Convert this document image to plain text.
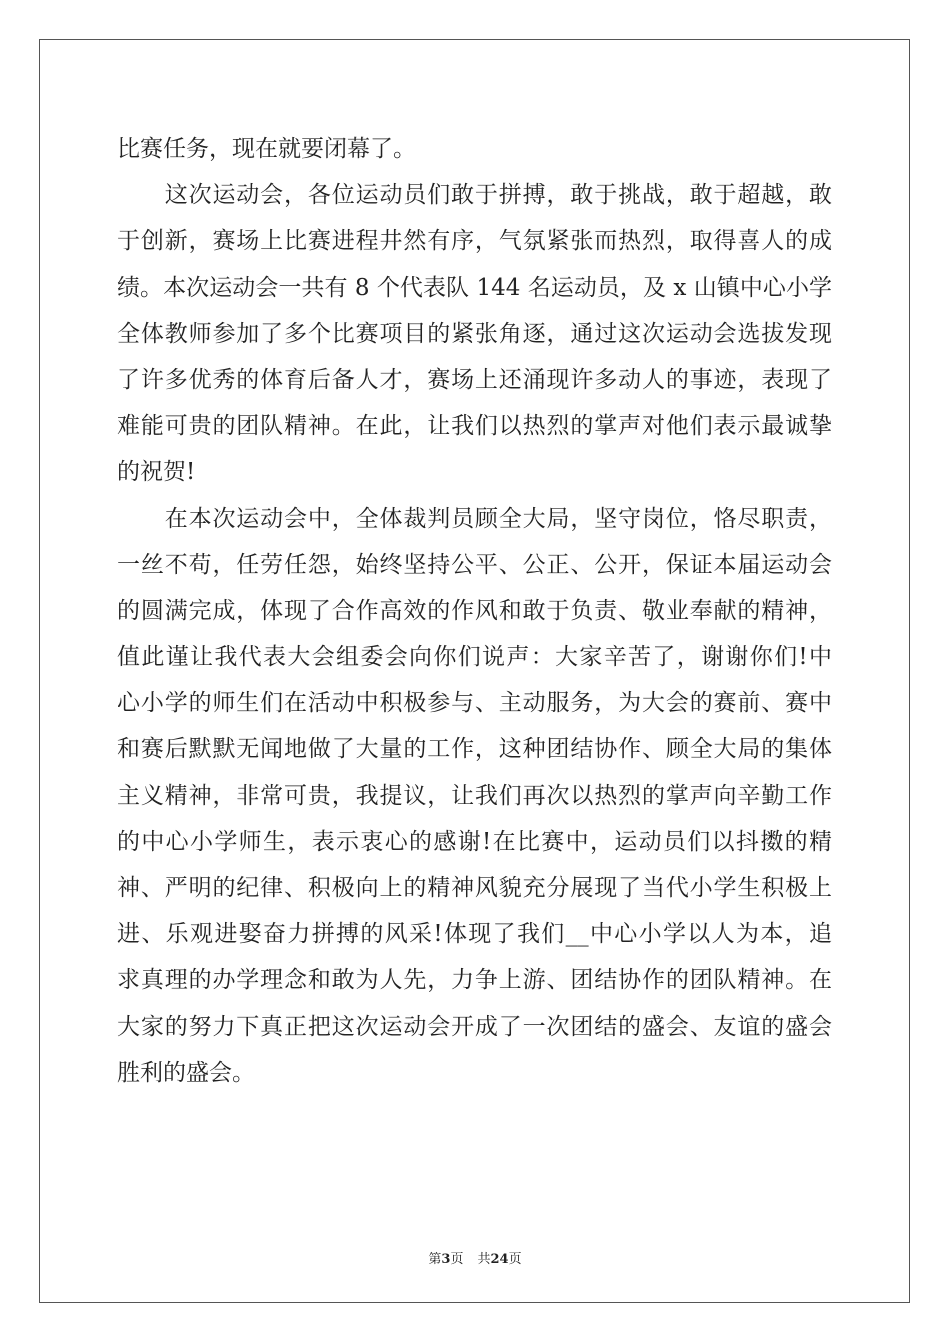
比赛任务，现在就要闭幕了。
　　这次运动会，各位运动员们敢于拼搏，敢于挑战，敢于超越，敢
于创新，赛场上比赛进程井然有序，气氛紧张而热烈，取得喜人的成
绩。本次运动会一共有 8 个代表队 144 名运动员，及 x 山镇中心小学
全体教师参加了多个比赛项目的紧张角逐，通过这次运动会选拔发现
了许多优秀的体育后备人才，赛场上还涌现许多动人的事迹，表现了
难能可贵的团队精神。在此，让我们以热烈的掌声对他们表示最诚挚
的祝贺!
　　在本次运动会中，全体裁判员顾全大局，坚守岗位，恪尽职责，
一丝不苟，任劳任怨，始终坚持公平、公正、公开，保证本届运动会
的圆满完成，体现了合作高效的作风和敢于负责、敬业奉献的精神，
值此谨让我代表大会组委会向你们说声：大家辛苦了，谢谢你们!中
心小学的师生们在活动中积极参与、主动服务，为大会的赛前、赛中
和赛后默默无闻地做了大量的工作，这种团结协作、顾全大局的集体
主义精神，非常可贵，我提议，让我们再次以热烈的掌声向辛勤工作
的中心小学师生，表示衷心的感谢!在比赛中，运动员们以抖擞的精
神、严明的纪律、积极向上的精神风貌充分展现了当代小学生积极上
进、乐观进娶奋力拼搏的风采!体现了我们__中心小学以人为本，追
求真理的办学理念和敢为人先，力争上游、团结协作的团队精神。在
大家的努力下真正把这次运动会开成了一次团结的盛会、友谊的盛会
胜利的盛会。
第3页 共24页
